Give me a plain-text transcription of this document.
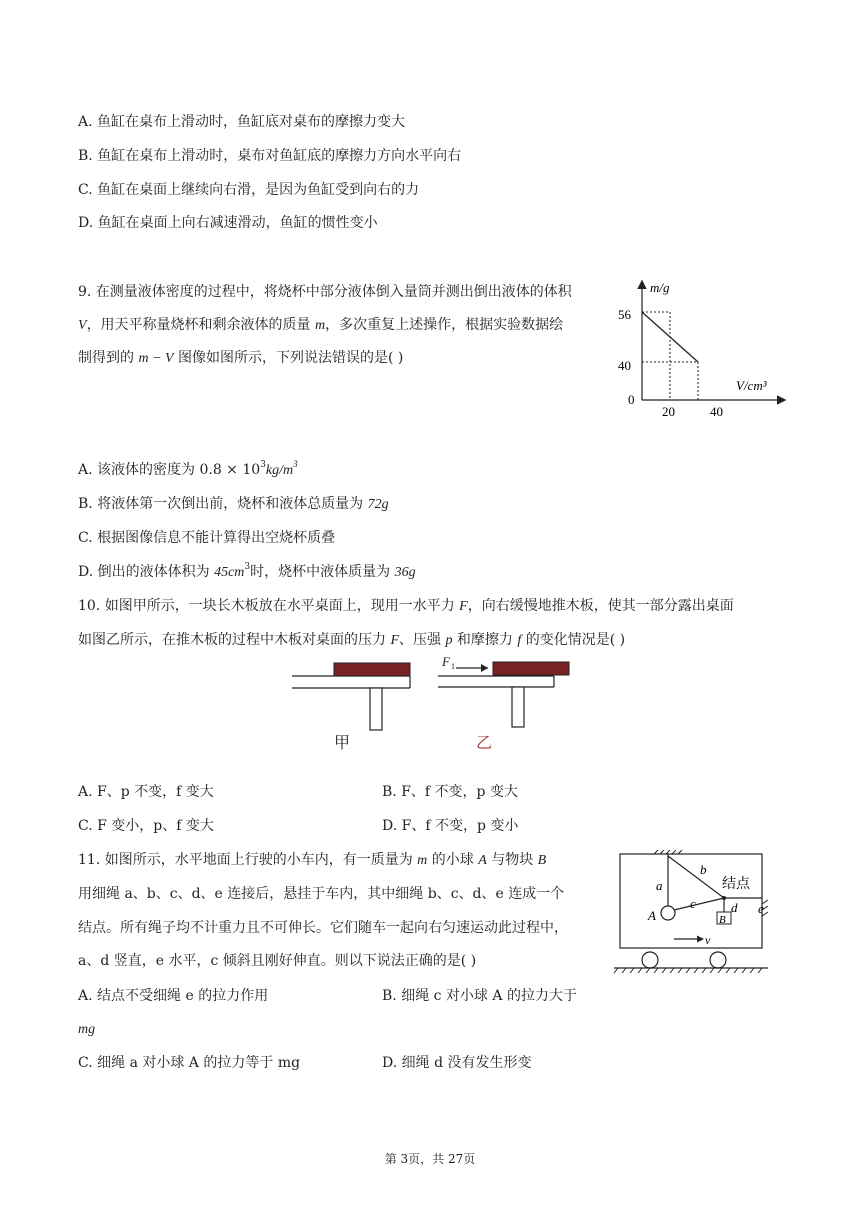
A. 鱼缸在桌布上滑动时，鱼缸底对桌布的摩擦力变大
B. 鱼缸在桌布上滑动时，桌布对鱼缸底的摩擦力方向水平向右
C. 鱼缸在桌面上继续向右滑，是因为鱼缸受到向右的力
D. 鱼缸在桌面上向右减速滑动，鱼缸的惯性变小
9. 在测量液体密度的过程中，将烧杯中部分液体倒入量筒并测出倒出液体的体积
V，用天平称量烧杯和剩余液体的质量 m，多次重复上述操作，根据实验数据绘
制得到的 m − V 图像如图所示，下列说法错误的是( )
m/g
V/cm³
0
56
40
20	40
A. 该液体的密度为 $0.8 \times 10^3kg/m^3$
B. 将液体第一次倒出前，烧杯和液体总质量为 72g
C. 根据图像信息不能计算得出空烧杯质叠
D. 倒出的液体体积为 $45cm^3$时，烧杯中液体质量为 36g
10. 如图甲所示，一块长木板放在水平桌面上，现用一水平力 F，向右缓慢地推木板，使其一部分露出桌面
如图乙所示，在推木板的过程中木板对桌面的压力 F、压强 p 和摩擦力 f 的变化情况是( )
甲
F 1
乙
A. F、p 不变，f 变大	B. F、f 不变，p 变大
C. F 变小，p、f 变大	D. F、f 不变，p 变小
11. 如图所示，水平地面上行驶的小车内，有一质量为 m 的小球 A 与物块 B
用细绳 a、b、c、d、e 连接后，悬挂于车内，其中细绳 b、c、d、e 连成一个
结点。所有绳子均不计重力且不可伸长。它们随车一起向右匀速运动此过程中，
a、d 竖直，e 水平，c 倾斜且刚好伸直。则以下说法正确的是( )
a
b
c	d e
A	B
结点
v
A. 结点不受细绳 e 的拉力作用	B. 细绳 c 对小球 A 的拉力大于
mg
C. 细绳 a 对小球 A 的拉力等于 mg	D. 细绳 d 没有发生形变
第 3页，共 27页
